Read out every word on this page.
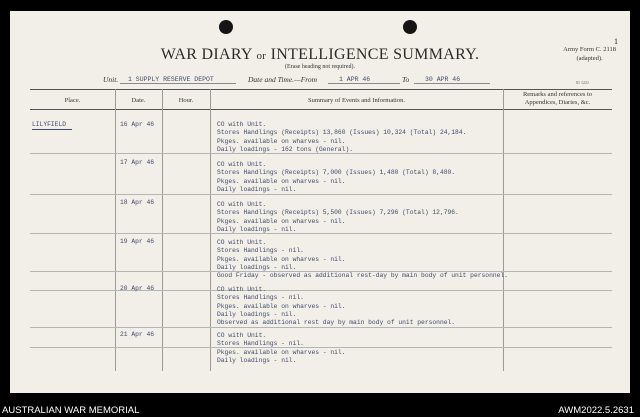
1
WAR DIARY or INTELLIGENCE SUMMARY.
(Erase heading not required).
Army Form C. 2118
(adapted).
Unit. 1 SUPPLY RESERVE DEPOT	Date and Time.—From	1 APR 46	To 30 APR 46	81 1221
Place.	Date.	Hour.	Summary of Events and Information.
Remarks and references to
Appendices, Diaries, &c.
LILYFIELD	16 Apr 46	CO with Unit.
Stores Handlings (Receipts) 13,860 (Issues) 10,324 (Total) 24,184.
Pkges. available on wharves - nil.
Daily loadings - 162 tons (General).
17 Apr 46	CO with Unit.
Stores Handlings (Receipts) 7,000 (Issues) 1,480 (Total) 8,480.
Pkges. available on wharves - nil.
Daily loadings - nil.
18 Apr 46	CO with Unit.
Stores Handlings (Receipts) 5,500 (Issues) 7,296 (Total) 12,796.
Pkges. available on wharves - nil.
Daily loadings - nil.
19 Apr 46	CO with Unit.
Stores Handlings - nil.
Pkges. available on wharves - nil.
Daily loadings - nil.
Good Friday - observed as additional rest-day by main body of unit personnel.
20 Apr 46	CO with Unit.
Stores Handlings - nil.
Pkges. available on wharves - nil.
Daily loadings - nil.
Observed as additional rest day by main body of unit personnel.
21 Apr 46	CO with Unit.
Stores Handlings - nil.
Pkges. available on wharves - nil.
Daily loadings - nil.
AUSTRALIAN WAR MEMORIAL	AWM2022.5.2631
